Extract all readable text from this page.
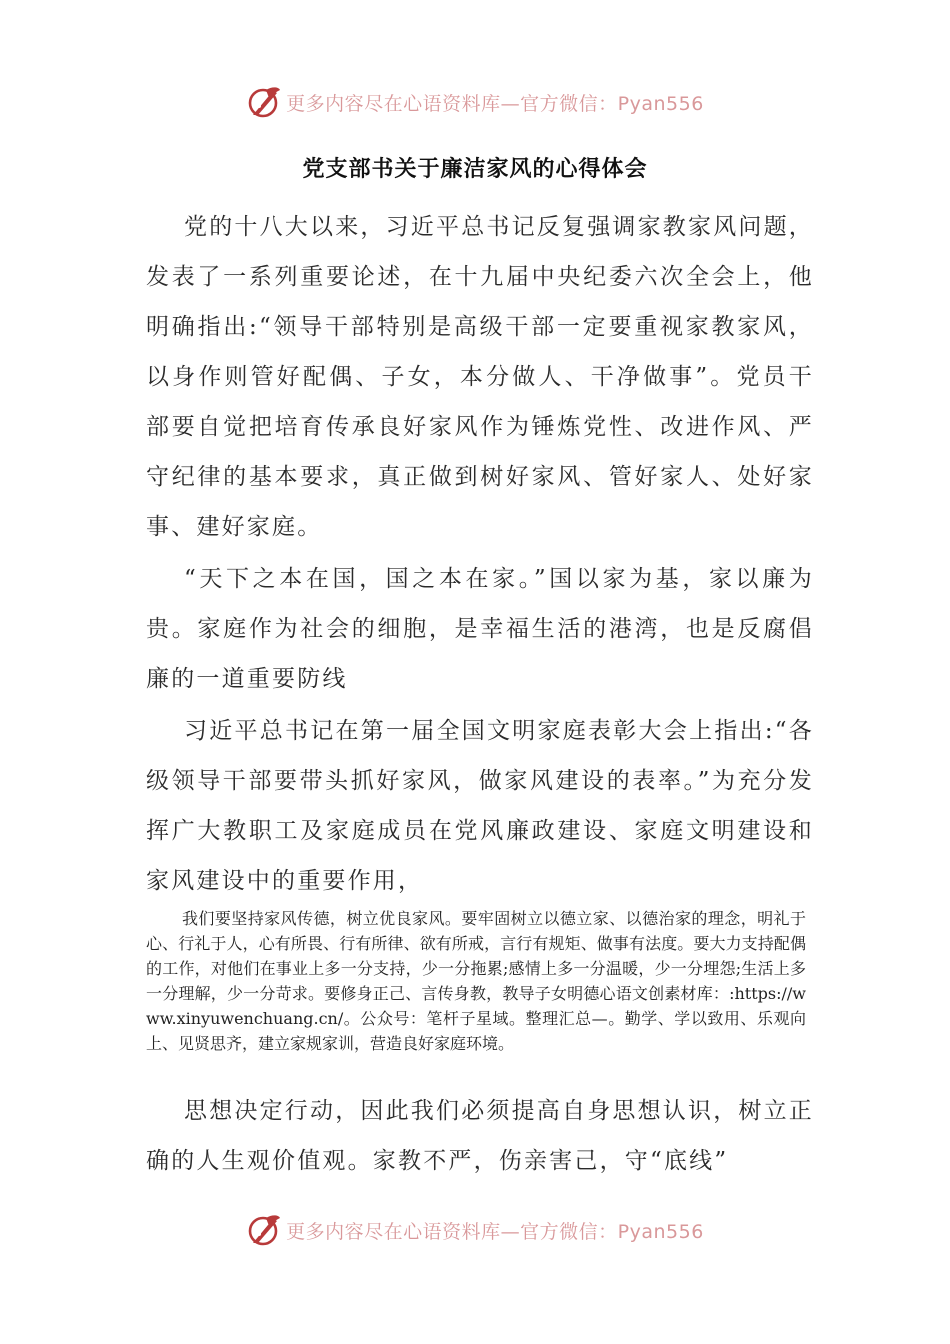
更多内容尽在心语资料库—官方微信：Pyan556
党支部书关于廉洁家风的心得体会

党的十八大以来，习近平总书记反复强调家教家风问题，发表了一系列重要论述，在十九届中央纪委六次全会上，他明确指出:“领导干部特别是高级干部一定要重视家教家风，以身作则管好配偶、子女，本分做人、干净做事”。党员干部要自觉把培育传承良好家风作为锤炼党性、改进作风、严守纪律的基本要求，真正做到树好家风、管好家人、处好家事、建好家庭。

“天下之本在国，国之本在家。”国以家为基，家以廉为贵。家庭作为社会的细胞，是幸福生活的港湾，也是反腐倡廉的一道重要防线

习近平总书记在第一届全国文明家庭表彰大会上指出:“各级领导干部要带头抓好家风，做家风建设的表率。”为充分发挥广大教职工及家庭成员在党风廉政建设、家庭文明建设和家风建设中的重要作用，

我们要坚持家风传德，树立优良家风。要牢固树立以德立家、以德治家的理念，明礼于心、行礼于人，心有所畏、行有所律、欲有所戒，言行有规矩、做事有法度。要大力支持配偶的工作，对他们在事业上多一分支持，少一分拖累;感情上多一分温暖，少一分埋怨;生活上多一分理解，少一分苛求。要修身正己、言传身教，教导子女明德心语文创素材库：:https://www.xinyuwenchuang.cn/。公众号：笔杆子星域。整理汇总—。勤学、学以致用、乐观向上、见贤思齐，建立家规家训，营造良好家庭环境。

思想决定行动，因此我们必须提高自身思想认识，树立正确的人生观价值观。家教不严，伤亲害己，守“底线”

更多内容尽在心语资料库—官方微信：Pyan556
